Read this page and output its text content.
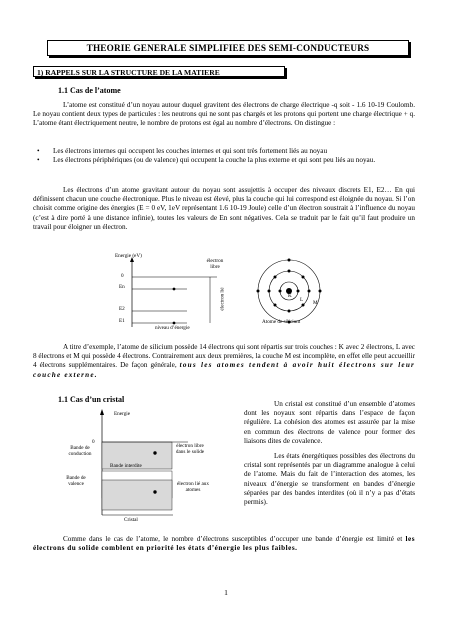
THEORIE GENERALE SIMPLIFIEE DES SEMI-CONDUCTEURS
1) RAPPELS SUR LA STRUCTURE DE LA MATIERE
1.1 Cas de l’atome
L’atome est constitué d’un noyau autour duquel gravitent des électrons de charge électrique -q soit - 1.6 10-19 Coulomb. Le noyau contient deux types de particules : les neutrons qui ne sont pas chargés et les protons qui portent une charge électrique + q. L’atome étant électriquement neutre, le nombre de protons est égal au nombre d’électrons. On distingue :
• Les électrons internes qui occupent les couches internes et qui sont très fortement liés au noyau
• Les électrons périphériques (ou de valence) qui occupent la couche la plus externe et qui sont peu liés au noyau.
Les électrons d’un atome gravitant autour du noyau sont assujettis à occuper des niveaux discrets E1, E2… En qui définissent chacun une couche électronique. Plus le niveau est élevé, plus la couche qui lui correspond est éloignée du noyau. Si l’on choisit comme origine des énergies (E = 0 eV, 1eV représentant 1.6 10-19 Joule) celle d’un électron soustrait à l’influence du noyau (c’est à dire porté à une distance infinie), toutes les valeurs de En sont négatives. Cela se traduit par le fait qu’il faut produire un travail pour éloigner un électron.
Energie (eV)
0
En
E2
E1
électron libre
électron lié
niveau d’énergie
K
L M
Atome de silicium
A titre d’exemple, l’atome de silicium possède 14 électrons qui sont répartis sur trois couches : K avec 2 électrons, L avec 8 électrons et M qui possède 4 électrons. Contrairement aux deux premières, la couche M est incomplète, en effet elle peut accueillir 4 électrons supplémentaires. De façon générale, tous les atomes tendent à avoir huit électrons sur leur couche externe.
1.1 Cas d’un cristal
Energie
0
Bande de conduction
Bande interdite
Bande de valence
électron libre dans le solide
électron lié aux atomes
Cristal
Un cristal est constitué d’un ensemble d’atomes dont les noyaux sont répartis dans l’espace de façon régulière. La cohésion des atomes est assurée par la mise en commun des électrons de valence pour former des liaisons dites de covalence.
Les états énergétiques possibles des électrons du cristal sont représentés par un diagramme analogue à celui de l’atome. Mais du fait de l’interaction des atomes, les niveaux d’énergie se transforment en bandes d’énergie séparées par des bandes interdites (où il n’y a pas d’états permis).
Comme dans le cas de l’atome, le nombre d’électrons susceptibles d’occuper une bande d’énergie est limité et les électrons du solide comblent en priorité les états d’énergie les plus faibles.
1
